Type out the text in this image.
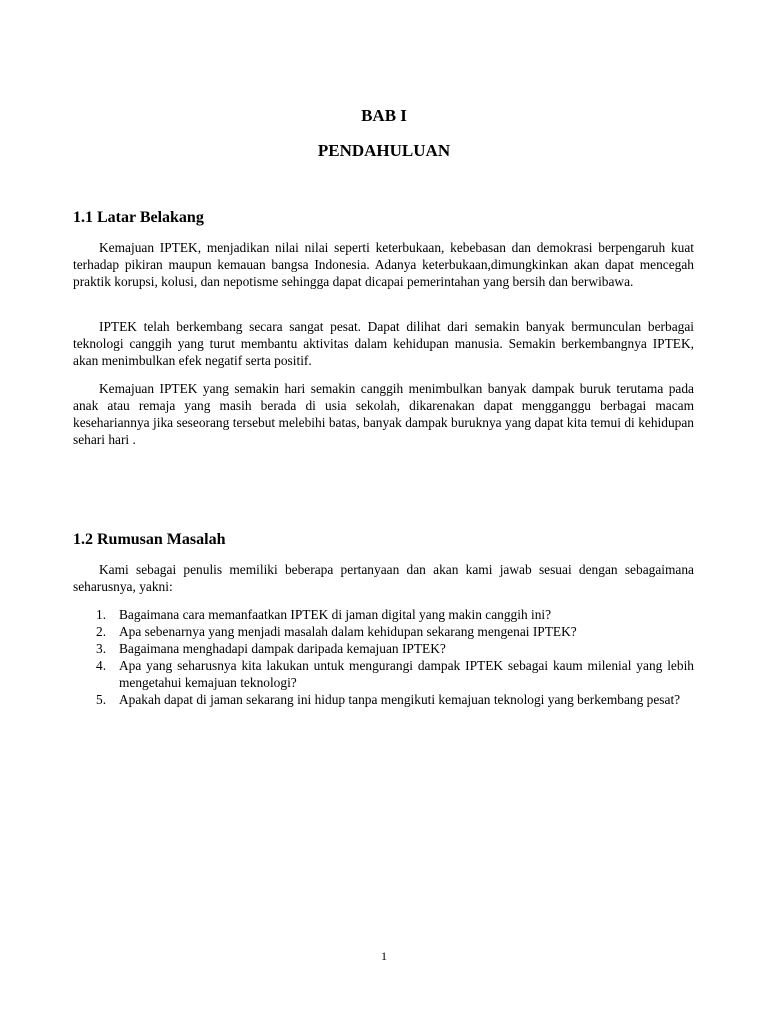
BAB I
PENDAHULUAN
1.1 Latar Belakang

Kemajuan IPTEK, menjadikan nilai nilai seperti keterbukaan, kebebasan dan demokrasi berpengaruh kuat terhadap pikiran maupun kemauan bangsa Indonesia. Adanya keterbukaan,dimungkinkan akan dapat mencegah praktik korupsi, kolusi, dan nepotisme sehingga dapat dicapai pemerintahan yang bersih dan berwibawa.

IPTEK telah berkembang secara sangat pesat. Dapat dilihat dari semakin banyak bermunculan berbagai teknologi canggih yang turut membantu aktivitas dalam kehidupan manusia. Semakin berkembangnya IPTEK, akan menimbulkan efek negatif serta positif.

Kemajuan IPTEK yang semakin hari semakin canggih menimbulkan banyak dampak buruk terutama pada anak atau remaja yang masih berada di usia sekolah, dikarenakan dapat mengganggu berbagai macam kesehariannya jika seseorang tersebut melebihi batas, banyak dampak buruknya yang dapat kita temui di kehidupan sehari hari .

1.2 Rumusan Masalah

Kami sebagai penulis memiliki beberapa pertanyaan dan akan kami jawab sesuai dengan sebagaimana seharusnya, yakni:

1. Bagaimana cara memanfaatkan IPTEK di jaman digital yang makin canggih ini?
2. Apa sebenarnya yang menjadi masalah dalam kehidupan sekarang mengenai IPTEK?
3. Bagaimana menghadapi dampak daripada kemajuan IPTEK?
4. Apa yang seharusnya kita lakukan untuk mengurangi dampak IPTEK sebagai kaum milenial yang lebih mengetahui kemajuan teknologi?
5. Apakah dapat di jaman sekarang ini hidup tanpa mengikuti kemajuan teknologi yang berkembang pesat?

1
